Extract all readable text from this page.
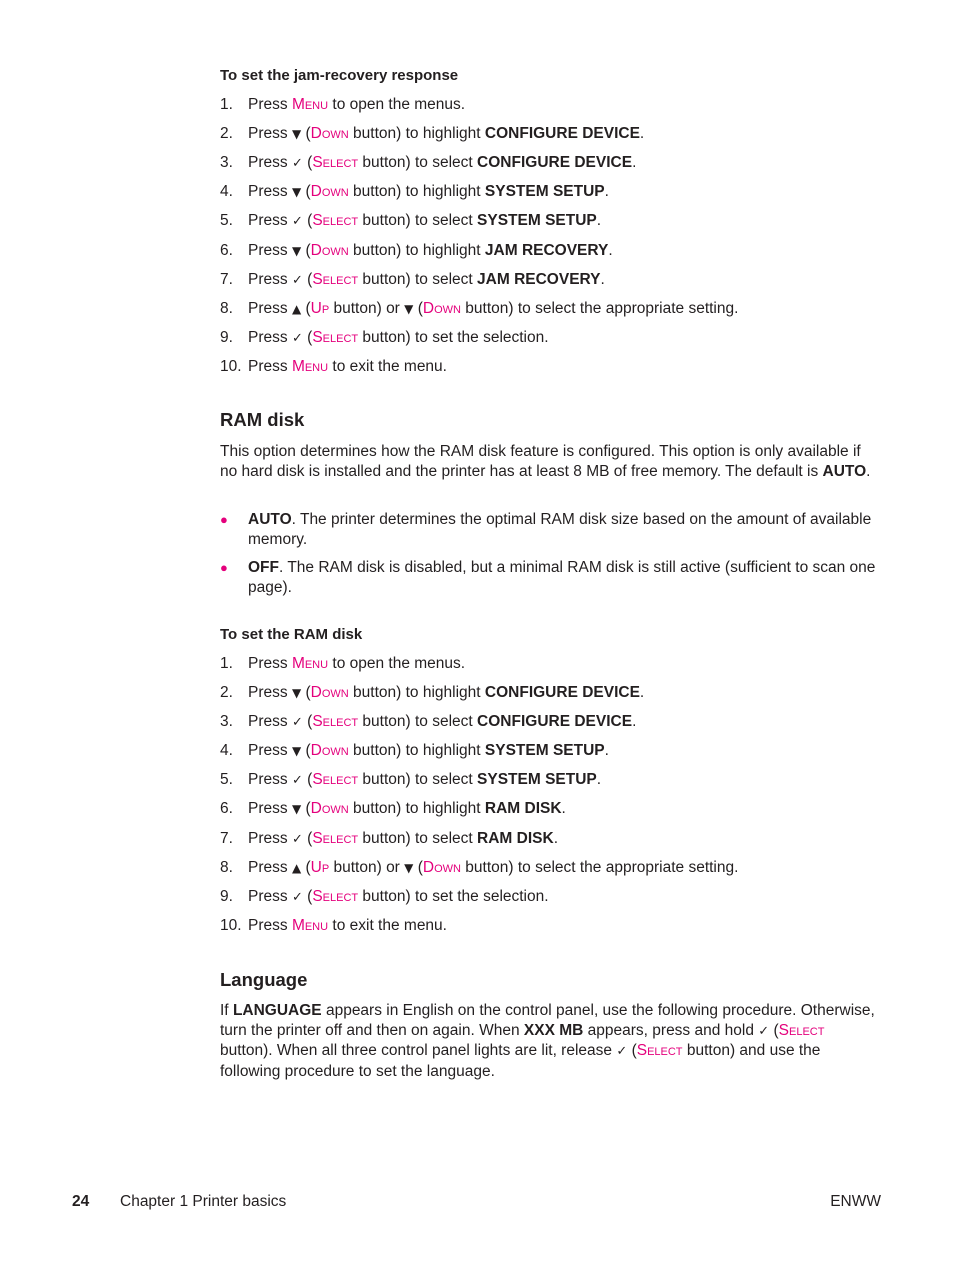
To set the jam-recovery response
1. Press Menu to open the menus.
2. Press ▼ (Down button) to highlight CONFIGURE DEVICE.
3. Press ✓ (Select button) to select CONFIGURE DEVICE.
4. Press ▼ (Down button) to highlight SYSTEM SETUP.
5. Press ✓ (Select button) to select SYSTEM SETUP.
6. Press ▼ (Down button) to highlight JAM RECOVERY.
7. Press ✓ (Select button) to select JAM RECOVERY.
8. Press ▲ (Up button) or ▼ (Down button) to select the appropriate setting.
9. Press ✓ (Select button) to set the selection.
10. Press Menu to exit the menu.
RAM disk
This option determines how the RAM disk feature is configured. This option is only available if no hard disk is installed and the printer has at least 8 MB of free memory. The default is AUTO.
● AUTO. The printer determines the optimal RAM disk size based on the amount of available memory.
● OFF. The RAM disk is disabled, but a minimal RAM disk is still active (sufficient to scan one page).
To set the RAM disk
1. Press Menu to open the menus.
2. Press ▼ (Down button) to highlight CONFIGURE DEVICE.
3. Press ✓ (Select button) to select CONFIGURE DEVICE.
4. Press ▼ (Down button) to highlight SYSTEM SETUP.
5. Press ✓ (Select button) to select SYSTEM SETUP.
6. Press ▼ (Down button) to highlight RAM DISK.
7. Press ✓ (Select button) to select RAM DISK.
8. Press ▲ (Up button) or ▼ (Down button) to select the appropriate setting.
9. Press ✓ (Select button) to set the selection.
10. Press Menu to exit the menu.
Language
If LANGUAGE appears in English on the control panel, use the following procedure. Otherwise, turn the printer off and then on again. When XXX MB appears, press and hold ✓ (Select button). When all three control panel lights are lit, release ✓ (Select button) and use the following procedure to set the language.
24 Chapter 1 Printer basics	ENWW
